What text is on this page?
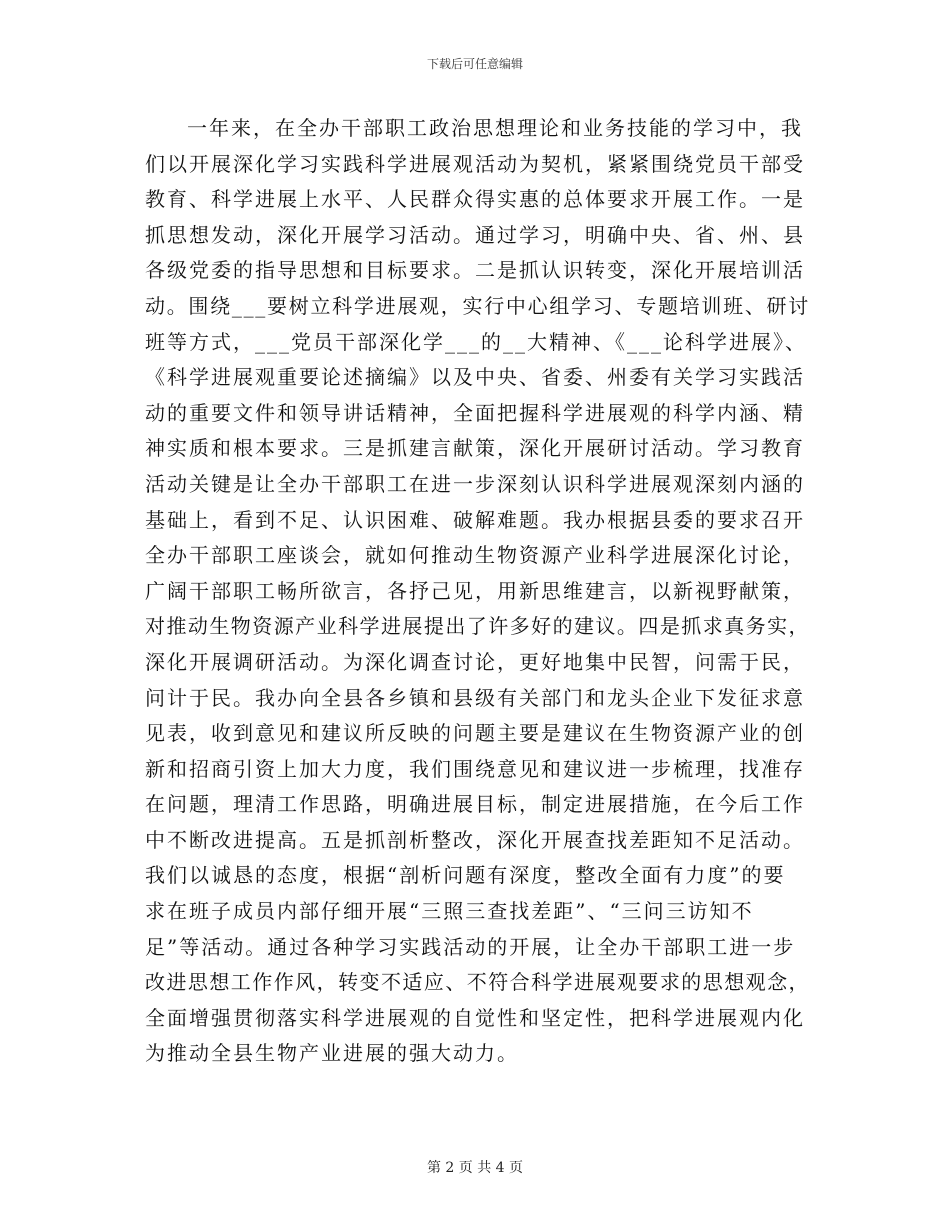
下载后可任意编辑
一年来，在全办干部职工政治思想理论和业务技能的学习中，我
们以开展深化学习实践科学进展观活动为契机，紧紧围绕党员干部受
教育、科学进展上水平、人民群众得实惠的总体要求开展工作。一是
抓思想发动，深化开展学习活动。通过学习，明确中央、省、州、县
各级党委的指导思想和目标要求。二是抓认识转变，深化开展培训活
动。围绕___要树立科学进展观，实行中心组学习、专题培训班、研讨
班等方式，___党员干部深化学___的__大精神、《___论科学进展》、
《科学进展观重要论述摘编》以及中央、省委、州委有关学习实践活
动的重要文件和领导讲话精神，全面把握科学进展观的科学内涵、精
神实质和根本要求。三是抓建言献策，深化开展研讨活动。学习教育
活动关键是让全办干部职工在进一步深刻认识科学进展观深刻内涵的
基础上，看到不足、认识困难、破解难题。我办根据县委的要求召开
全办干部职工座谈会，就如何推动生物资源产业科学进展深化讨论，
广阔干部职工畅所欲言，各抒己见，用新思维建言，以新视野献策，
对推动生物资源产业科学进展提出了许多好的建议。四是抓求真务实，
深化开展调研活动。为深化调查讨论，更好地集中民智，问需于民，
问计于民。我办向全县各乡镇和县级有关部门和龙头企业下发征求意
见表，收到意见和建议所反映的问题主要是建议在生物资源产业的创
新和招商引资上加大力度，我们围绕意见和建议进一步梳理，找准存
在问题，理清工作思路，明确进展目标，制定进展措施，在今后工作
中不断改进提高。五是抓剖析整改，深化开展查找差距知不足活动。
我们以诚恳的态度，根据“剖析问题有深度，整改全面有力度”的要
求在班子成员内部仔细开展“三照三查找差距”、“三问三访知不
足”等活动。通过各种学习实践活动的开展，让全办干部职工进一步
改进思想工作作风，转变不适应、不符合科学进展观要求的思想观念，
全面增强贯彻落实科学进展观的自觉性和坚定性，把科学进展观内化
为推动全县生物产业进展的强大动力。
第 2 页 共 4 页
